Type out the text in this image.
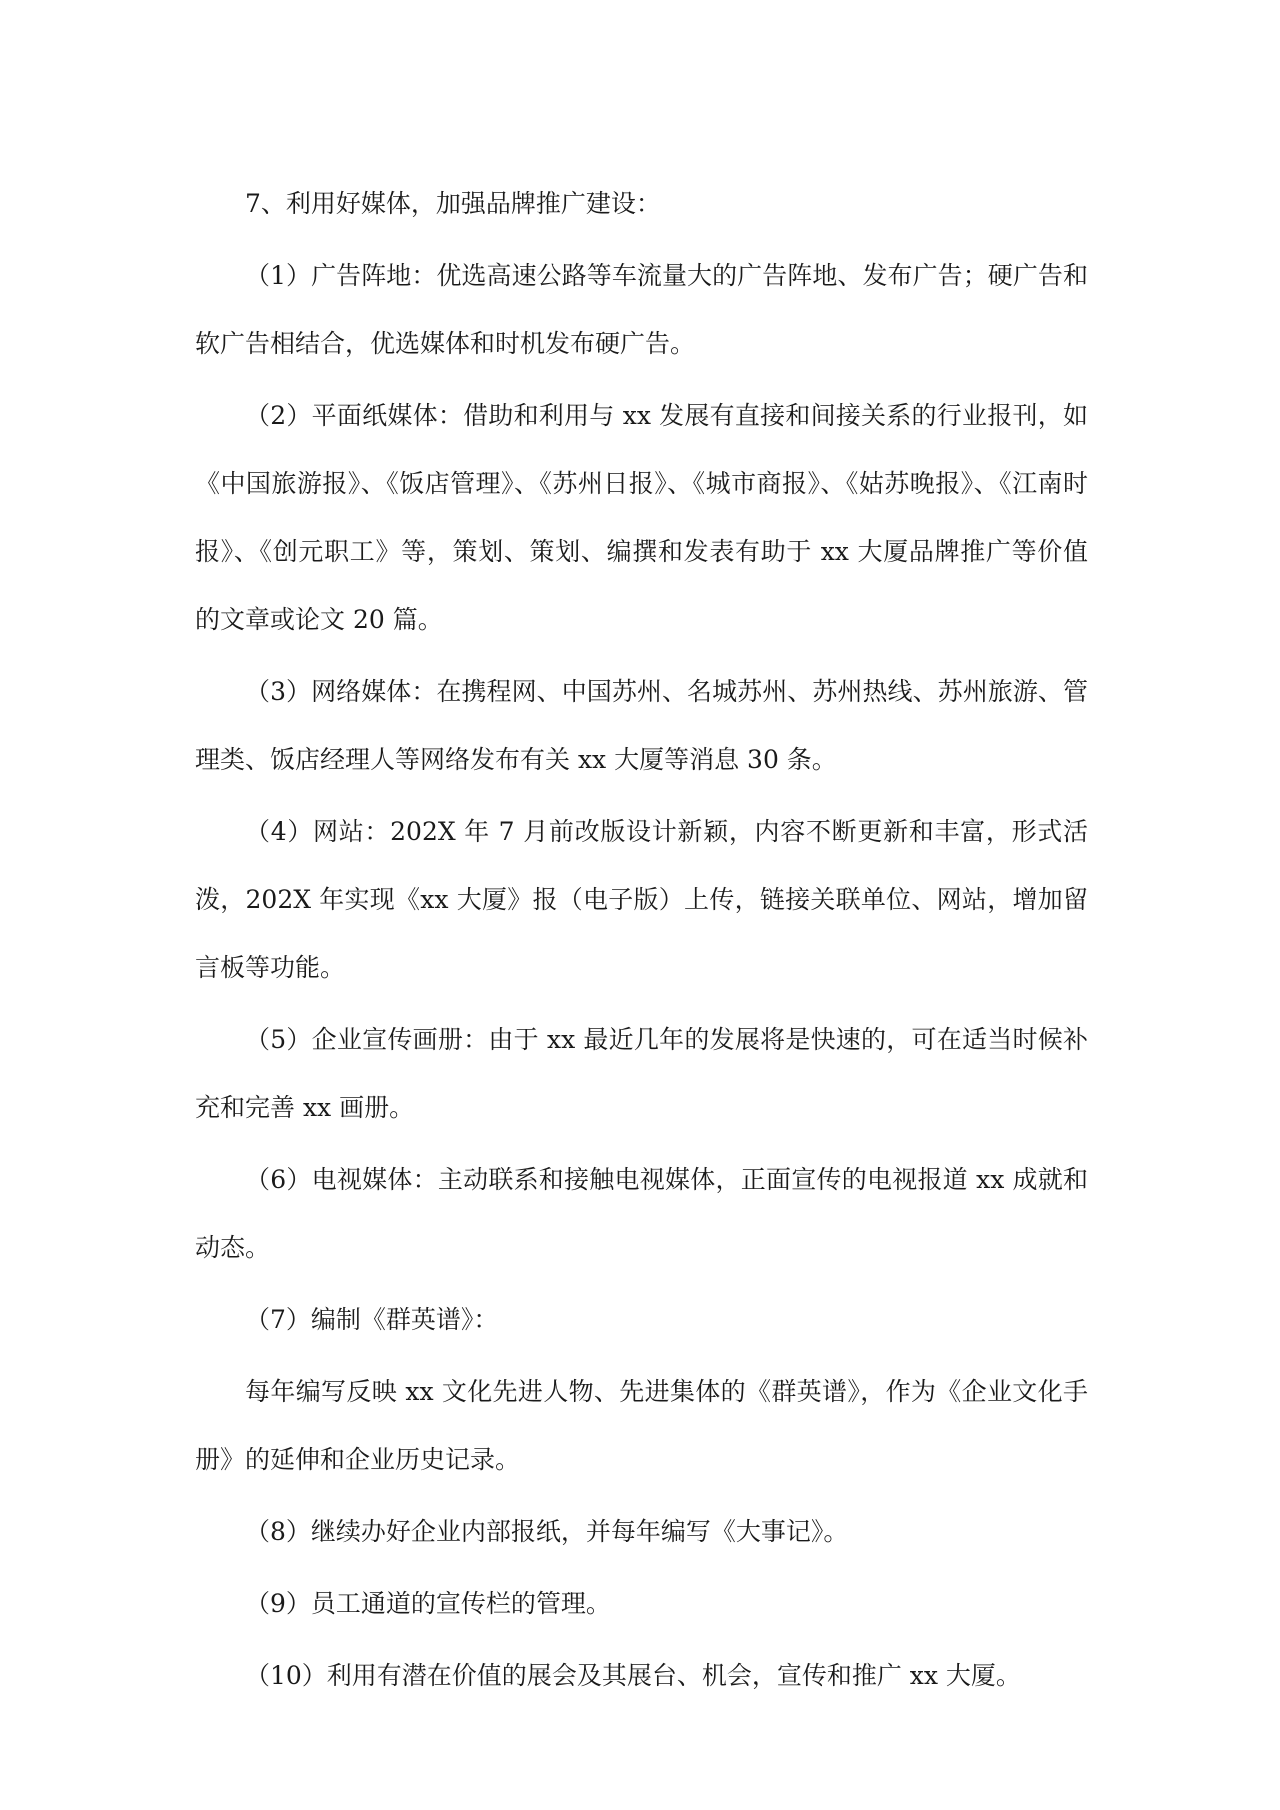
7、利用好媒体，加强品牌推广建设：

（1）广告阵地：优选高速公路等车流量大的广告阵地、发布广告；硬广告和软广告相结合，优选媒体和时机发布硬广告。

（2）平面纸媒体：借助和利用与 xx 发展有直接和间接关系的行业报刊，如《中国旅游报》、《饭店管理》、《苏州日报》、《城市商报》、《姑苏晚报》、《江南时报》、《创元职工》等，策划、策划、编撰和发表有助于 xx 大厦品牌推广等价值的文章或论文 20 篇。

（3）网络媒体：在携程网、中国苏州、名城苏州、苏州热线、苏州旅游、管理类、饭店经理人等网络发布有关 xx 大厦等消息 30 条。

（4）网站：202X 年 7 月前改版设计新颖，内容不断更新和丰富，形式活泼，202X 年实现《xx 大厦》报（电子版）上传，链接关联单位、网站，增加留言板等功能。

（5）企业宣传画册：由于 xx 最近几年的发展将是快速的，可在适当时候补充和完善 xx 画册。

（6）电视媒体：主动联系和接触电视媒体，正面宣传的电视报道 xx 成就和动态。

（7）编制《群英谱》：

每年编写反映 xx 文化先进人物、先进集体的《群英谱》，作为《企业文化手册》的延伸和企业历史记录。

（8）继续办好企业内部报纸，并每年编写《大事记》。

（9）员工通道的宣传栏的管理。

（10）利用有潜在价值的展会及其展台、机会，宣传和推广 xx 大厦。
